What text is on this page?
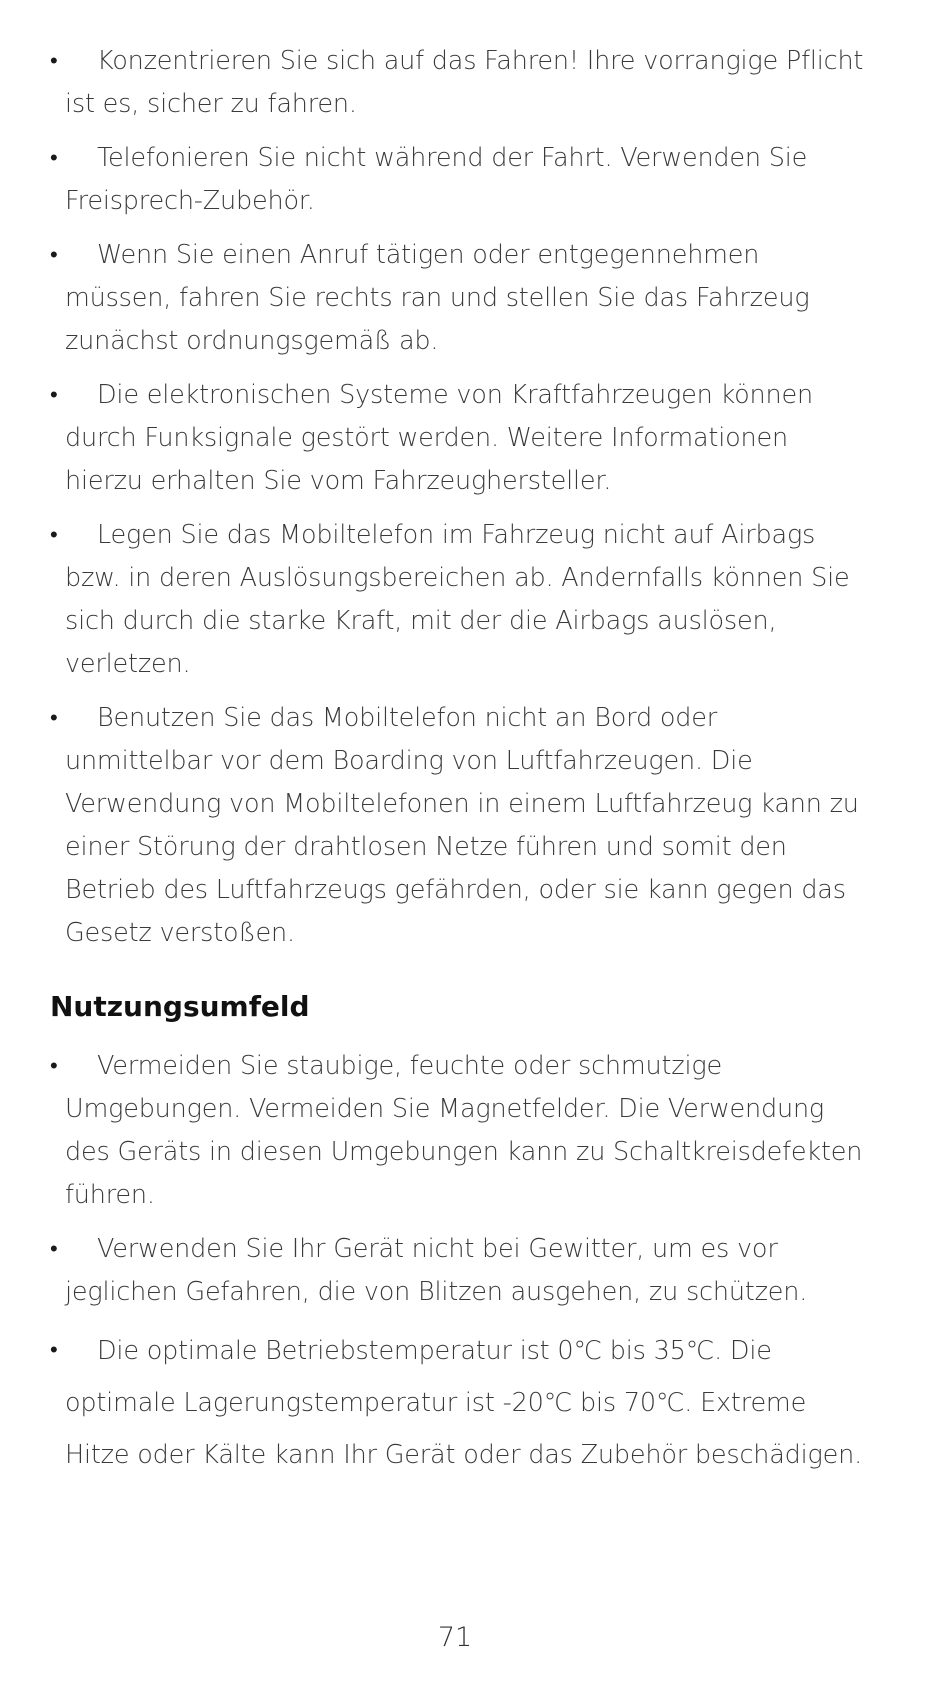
•	Konzentrieren Sie sich auf das Fahren! Ihre vorrangige Pflicht ist es, sicher zu fahren.
•	Telefonieren Sie nicht während der Fahrt. Verwenden Sie Freisprech-Zubehör.
•	Wenn Sie einen Anruf tätigen oder entgegennehmen müssen, fahren Sie rechts ran und stellen Sie das Fahrzeug zunächst ordnungsgemäß ab.
•	Die elektronischen Systeme von Kraftfahrzeugen können durch Funksignale gestört werden. Weitere Informationen hierzu erhalten Sie vom Fahrzeughersteller.
•	Legen Sie das Mobiltelefon im Fahrzeug nicht auf Airbags bzw. in deren Auslösungsbereichen ab. Andernfalls können Sie sich durch die starke Kraft, mit der die Airbags auslösen, verletzen.
•	Benutzen Sie das Mobiltelefon nicht an Bord oder unmittelbar vor dem Boarding von Luftfahrzeugen. Die Verwendung von Mobiltelefonen in einem Luftfahrzeug kann zu einer Störung der drahtlosen Netze führen und somit den Betrieb des Luftfahrzeugs gefährden, oder sie kann gegen das Gesetz verstoßen.
Nutzungsumfeld
•	Vermeiden Sie staubige, feuchte oder schmutzige Umgebungen. Vermeiden Sie Magnetfelder. Die Verwendung des Geräts in diesen Umgebungen kann zu Schaltkreisdefekten führen.
•	Verwenden Sie Ihr Gerät nicht bei Gewitter, um es vor jeglichen Gefahren, die von Blitzen ausgehen, zu schützen.
•	Die optimale Betriebstemperatur ist 0℃ bis 35℃. Die optimale Lagerungstemperatur ist -20℃ bis 70℃. Extreme Hitze oder Kälte kann Ihr Gerät oder das Zubehör beschädigen.
71
